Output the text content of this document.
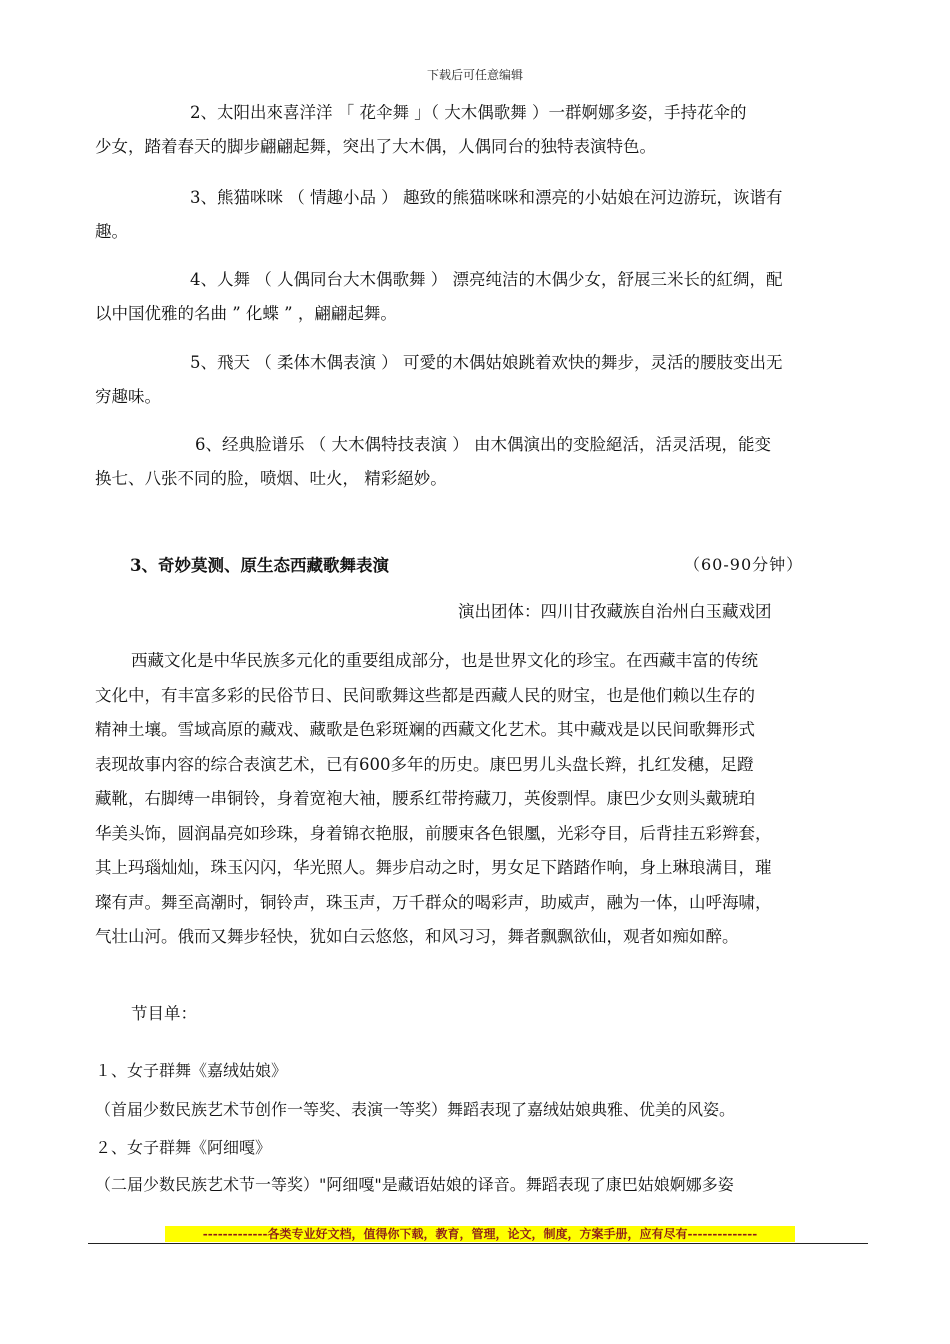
下载后可任意编辑
2、太阳出來喜洋洋 「 花伞舞 」（ 大木偶歌舞 ）一群婀娜多姿，手持花伞的
少女，踏着春天的脚步翩翩起舞，突出了大木偶，人偶同台的独特表演特色。
3、熊猫咪咪 （ 情趣小品 ） 趣致的熊猫咪咪和漂亮的小姑娘在河边游玩，诙谐有
趣。
4、人舞 （ 人偶同台大木偶歌舞 ） 漂亮纯洁的木偶少女，舒展三米长的紅绸，配
以中国优雅的名曲 ” 化蝶 ” ，翩翩起舞。
5、飛天 （ 柔体木偶表演 ） 可愛的木偶姑娘跳着欢快的舞步，灵活的腰肢变出无
穷趣味。
6、经典脸谱乐 （ 大木偶特技表演 ） 由木偶演出的变脸絕活，活灵活現，能变
换七、八张不同的脸，喷烟、吐火， 精彩絕妙。
3、奇妙莫测、原生态西藏歌舞表演	（60-90分钟）
演出团体：四川甘孜藏族自治州白玉藏戏团
西藏文化是中华民族多元化的重要组成部分，也是世界文化的珍宝。在西藏丰富的传统
文化中，有丰富多彩的民俗节日、民间歌舞这些都是西藏人民的财宝，也是他们赖以生存的
精神土壤。雪域高原的藏戏、藏歌是色彩斑斓的西藏文化艺术。其中藏戏是以民间歌舞形式
表现故事内容的综合表演艺术，已有600多年的历史。康巴男儿头盘长辫，扎红发穗，足蹬
藏靴，右脚缚一串铜铃，身着宽袍大袖，腰系红带挎藏刀，英俊剽悍。康巴少女则头戴琥珀
华美头饰，圆润晶亮如珍珠，身着锦衣艳服，前腰束各色银䥚，光彩夺目，后背挂五彩辫套，
其上玛瑙灿灿，珠玉闪闪，华光照人。舞步启动之时，男女足下踏踏作响，身上琳琅满目，璀
璨有声。舞至高潮时，铜铃声，珠玉声，万千群众的喝彩声，助威声，融为一体，山呼海啸，
气壮山河。俄而又舞步轻快，犹如白云悠悠，和风习习，舞者飘飘欲仙，观者如痴如醉。
节目单：
１、女子群舞《嘉绒姑娘》
（首届少数民族艺术节创作一等奖、表演一等奖）舞蹈表现了嘉绒姑娘典雅、优美的风姿。
２、女子群舞《阿细嘎》
（二届少数民族艺术节一等奖）"阿细嘎"是藏语姑娘的译音。舞蹈表现了康巴姑娘婀娜多姿
-------------各类专业好文档，值得你下载，教育，管理，论文，制度，方案手册，应有尽有--------------
